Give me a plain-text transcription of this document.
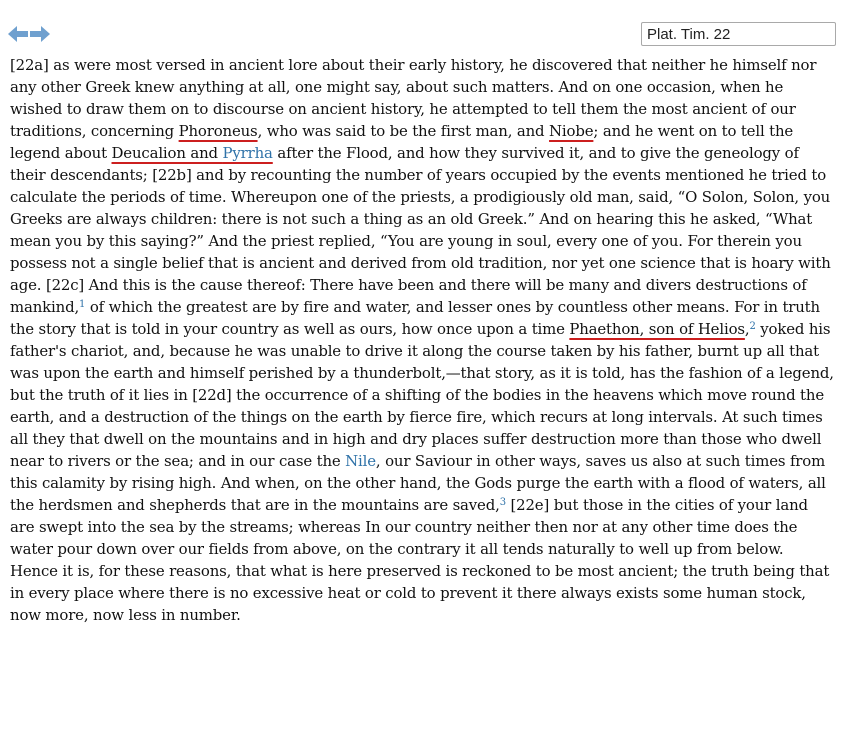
Plat. Tim. 22

[22a] as were most versed in ancient lore about their early history, he discovered that neither he himself nor any other Greek knew anything at all, one might say, about such matters. And on one occasion, when he wished to draw them on to discourse on ancient history, he attempted to tell them the most ancient of our traditions, concerning Phoroneus, who was said to be the first man, and Niobe; and he went on to tell the legend about Deucalion and Pyrrha after the Flood, and how they survived it, and to give the geneology of their descendants; [22b] and by recounting the number of years occupied by the events mentioned he tried to calculate the periods of time. Whereupon one of the priests, a prodigiously old man, said, “O Solon, Solon, you Greeks are always children: there is not such a thing as an old Greek.” And on hearing this he asked, “What mean you by this saying?” And the priest replied, “You are young in soul, every one of you. For therein you possess not a single belief that is ancient and derived from old tradition, nor yet one science that is hoary with age. [22c] And this is the cause thereof: There have been and there will be many and divers destructions of mankind,$^1$ of which the greatest are by fire and water, and lesser ones by countless other means. For in truth the story that is told in your country as well as ours, how once upon a time Phaethon, son of Helios,$^2$ yoked his father's chariot, and, because he was unable to drive it along the course taken by his father, burnt up all that was upon the earth and himself perished by a thunderbolt,—that story, as it is told, has the fashion of a legend, but the truth of it lies in [22d] the occurrence of a shifting of the bodies in the heavens which move round the earth, and a destruction of the things on the earth by fierce fire, which recurs at long intervals. At such times all they that dwell on the mountains and in high and dry places suffer destruction more than those who dwell near to rivers or the sea; and in our case the Nile, our Saviour in other ways, saves us also at such times from this calamity by rising high. And when, on the other hand, the Gods purge the earth with a flood of waters, all the herdsmen and shepherds that are in the mountains are saved,$^3$ [22e] but those in the cities of your land are swept into the sea by the streams; whereas In our country neither then nor at any other time does the water pour down over our fields from above, on the contrary it all tends naturally to well up from below. Hence it is, for these reasons, that what is here preserved is reckoned to be most ancient; the truth being that in every place where there is no excessive heat or cold to prevent it there always exists some human stock, now more, now less in number.
